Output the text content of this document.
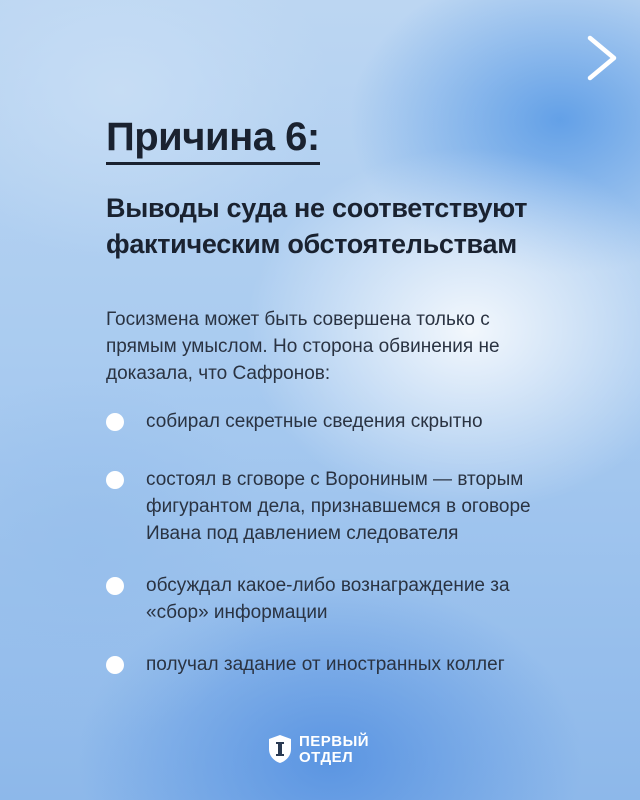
Причина 6:
Выводы суда не соответствуют фактическим обстоятельствам
Госизмена может быть совершена только с прямым умыслом. Но сторона обвинения не доказала, что Сафронов:
собирал секретные сведения скрытно
состоял в сговоре с Ворониным — вторым фигурантом дела, признавшемся в оговоре Ивана под давлением следователя
обсуждал какое-либо вознаграждение за «сбор» информации
получал задание от иностранных коллег
ПЕРВЫЙ
ОТДЕЛ
